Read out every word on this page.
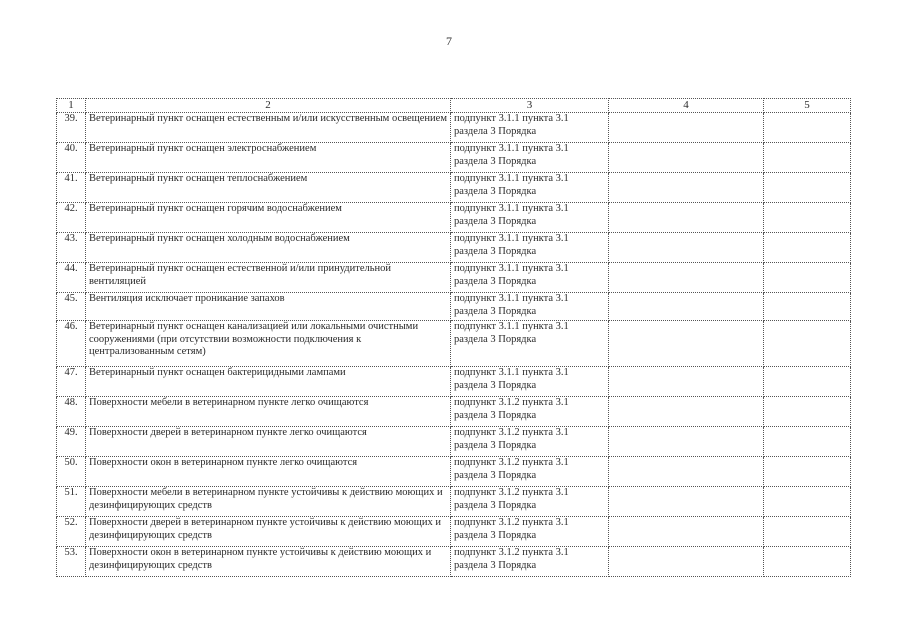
7
1	2	3	4	5
39.	Ветеринарный пункт оснащен естественным и/или искусственным освещением	подпункт 3.1.1 пункта 3.1 раздела 3 Порядка		
40.	Ветеринарный пункт оснащен электроснабжением	подпункт 3.1.1 пункта 3.1 раздела 3 Порядка		
41.	Ветеринарный пункт оснащен теплоснабжением	подпункт 3.1.1 пункта 3.1 раздела 3 Порядка		
42.	Ветеринарный пункт оснащен горячим водоснабжением	подпункт 3.1.1 пункта 3.1 раздела 3 Порядка		
43.	Ветеринарный пункт оснащен холодным водоснабжением	подпункт 3.1.1 пункта 3.1 раздела 3 Порядка		
44.	Ветеринарный пункт оснащен естественной и/или принудительной вентиляцией	подпункт 3.1.1 пункта 3.1 раздела 3 Порядка		
45.	Вентиляция исключает проникание запахов	подпункт 3.1.1 пункта 3.1 раздела 3 Порядка		
46.	Ветеринарный пункт оснащен канализацией или локальными очистными сооружениями (при отсутствии возможности подключения к централизованным сетям)	подпункт 3.1.1 пункта 3.1 раздела 3 Порядка		
47.	Ветеринарный пункт оснащен бактерицидными лампами	подпункт 3.1.1 пункта 3.1 раздела 3 Порядка		
48.	Поверхности мебели в ветеринарном пункте легко очищаются	подпункт 3.1.2 пункта 3.1 раздела 3 Порядка		
49.	Поверхности дверей в ветеринарном пункте легко очищаются	подпункт 3.1.2 пункта 3.1 раздела 3 Порядка		
50.	Поверхности окон в ветеринарном пункте легко очищаются	подпункт 3.1.2 пункта 3.1 раздела 3 Порядка		
51.	Поверхности мебели в ветеринарном пункте устойчивы к действию моющих и дезинфицирующих средств	подпункт 3.1.2 пункта 3.1 раздела 3 Порядка		
52.	Поверхности дверей в ветеринарном пункте устойчивы к действию моющих и дезинфицирующих средств	подпункт 3.1.2 пункта 3.1 раздела 3 Порядка		
53.	Поверхности окон в ветеринарном пункте устойчивы к действию моющих и дезинфицирующих средств	подпункт 3.1.2 пункта 3.1 раздела 3 Порядка		
